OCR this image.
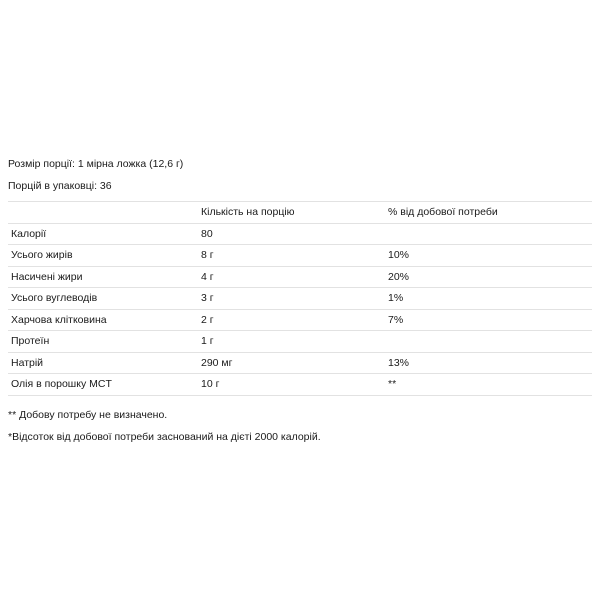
Розмір порції: 1 мірна ложка (12,6 г)
Порцій в упаковці: 36
	Кількість на порцію	% від добової потреби
Калорії	80	
Усього жирів	8 г	10%
Насичені жири	4 г	20%
Усього вуглеводів	3 г	1%
Харчова клітковина	2 г	7%
Протеїн	1 г	
Натрій	290 мг	13%
Олія в порошку MCT	10 г	**
** Добову потребу не визначено.
*Відсоток від добової потреби заснований на дієті 2000 калорій.
